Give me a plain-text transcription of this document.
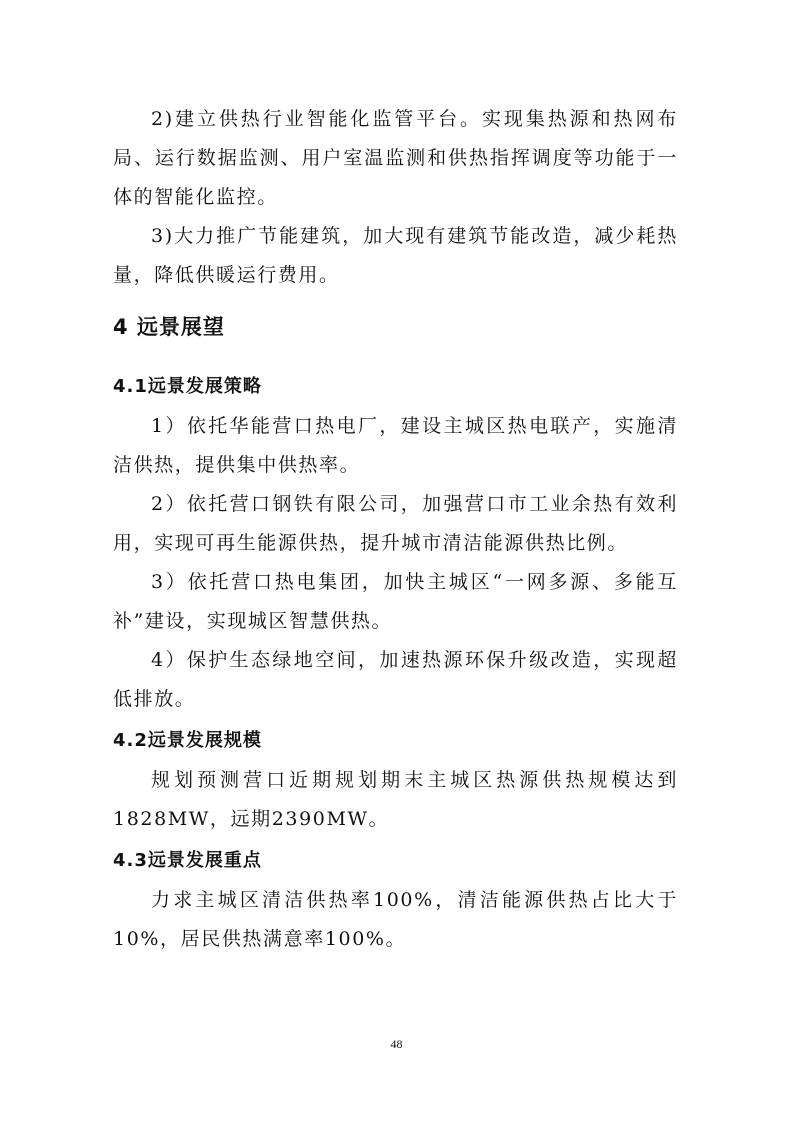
2)建立供热行业智能化监管平台。实现集热源和热网布局、运行数据监测、用户室温监测和供热指挥调度等功能于一体的智能化监控。

3)大力推广节能建筑，加大现有建筑节能改造，减少耗热量，降低供暖运行费用。

4 远景展望
4.1远景发展策略

1）依托华能营口热电厂，建设主城区热电联产，实施清洁供热，提供集中供热率。

2）依托营口钢铁有限公司，加强营口市工业余热有效利用，实现可再生能源供热，提升城市清洁能源供热比例。

3）依托营口热电集团，加快主城区“一网多源、多能互补”建设，实现城区智慧供热。

4）保护生态绿地空间，加速热源环保升级改造，实现超低排放。

4.2远景发展规模

规划预测营口近期规划期末主城区热源供热规模达到1828MW，远期2390MW。

4.3远景发展重点

力求主城区清洁供热率100%，清洁能源供热占比大于10%，居民供热满意率100%。

48
